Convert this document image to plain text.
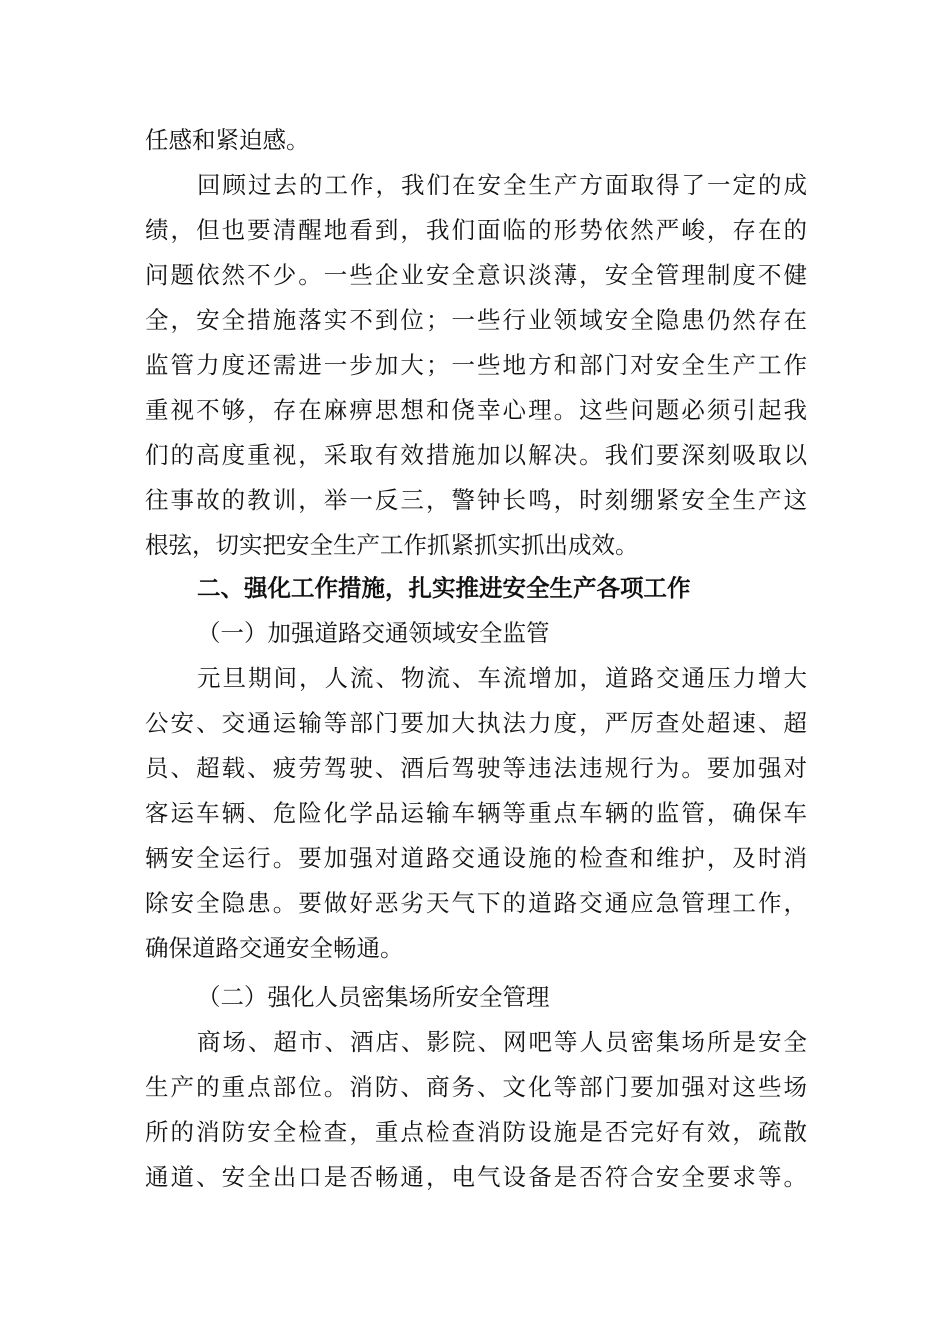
任感和紧迫感。
回顾过去的工作，我们在安全生产方面取得了一定的成
绩，但也要清醒地看到，我们面临的形势依然严峻，存在的
问题依然不少。一些企业安全意识淡薄，安全管理制度不健
全，安全措施落实不到位；一些行业领域安全隐患仍然存在
监管力度还需进一步加大；一些地方和部门对安全生产工作
重视不够，存在麻痹思想和侥幸心理。这些问题必须引起我
们的高度重视，采取有效措施加以解决。我们要深刻吸取以
往事故的教训，举一反三，警钟长鸣，时刻绷紧安全生产这
根弦，切实把安全生产工作抓紧抓实抓出成效。
二、强化工作措施，扎实推进安全生产各项工作
（一）加强道路交通领域安全监管
元旦期间，人流、物流、车流增加，道路交通压力增大
公安、交通运输等部门要加大执法力度，严厉查处超速、超
员、超载、疲劳驾驶、酒后驾驶等违法违规行为。要加强对
客运车辆、危险化学品运输车辆等重点车辆的监管，确保车
辆安全运行。要加强对道路交通设施的检查和维护，及时消
除安全隐患。要做好恶劣天气下的道路交通应急管理工作，
确保道路交通安全畅通。
（二）强化人员密集场所安全管理
商场、超市、酒店、影院、网吧等人员密集场所是安全
生产的重点部位。消防、商务、文化等部门要加强对这些场
所的消防安全检查，重点检查消防设施是否完好有效，疏散
通道、安全出口是否畅通，电气设备是否符合安全要求等。
